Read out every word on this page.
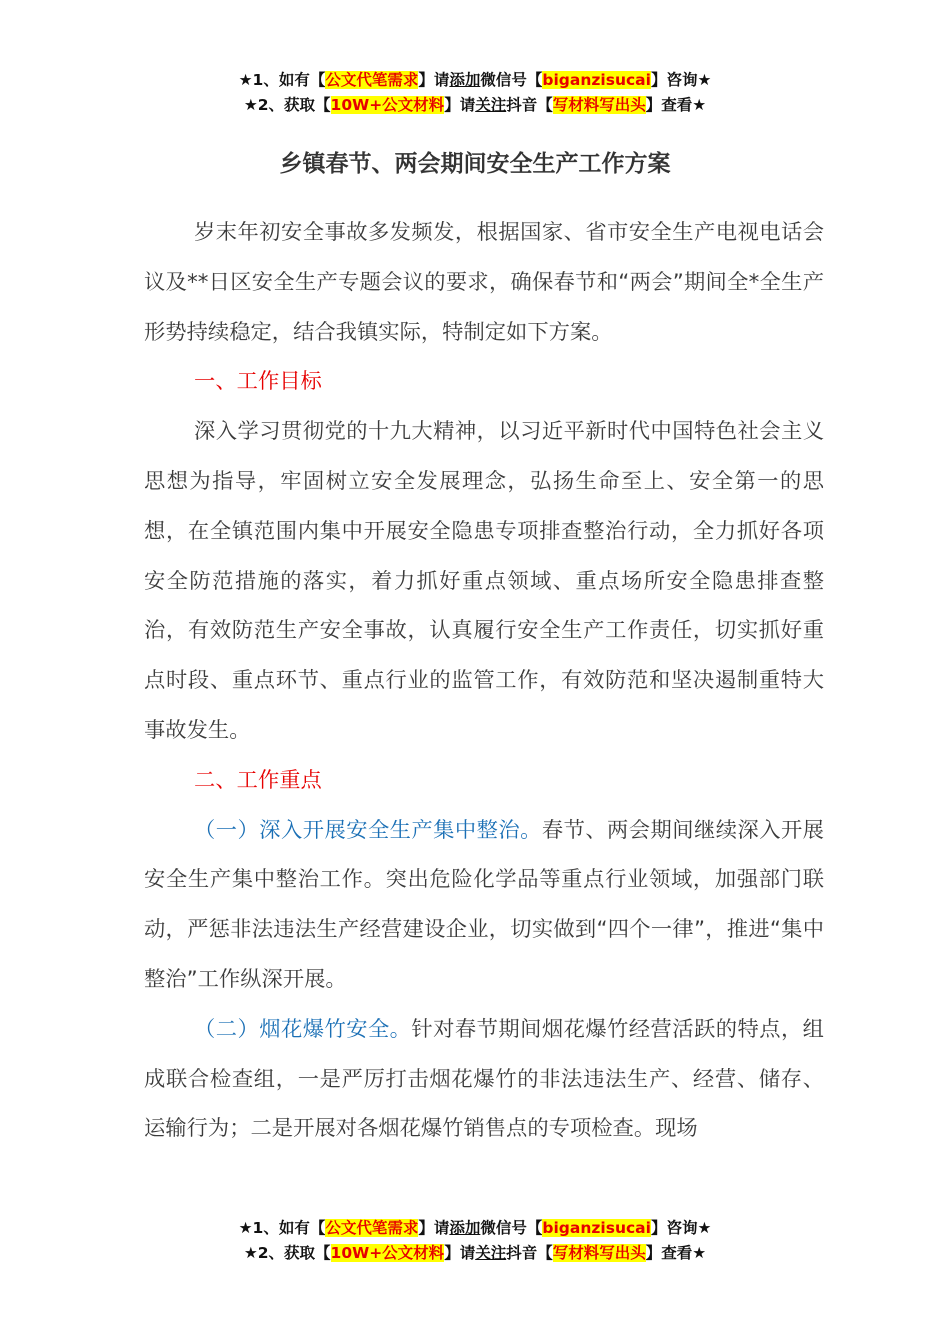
★1、如有【公文代笔需求】请添加微信号【biganzisucai】咨询★
★2、获取【10W+公文材料】请关注抖音【写材料写出头】查看★
乡镇春节、两会期间安全生产工作方案

岁末年初安全事故多发频发，根据国家、省市安全生产电视电话会议及**日区安全生产专题会议的要求，确保春节和“两会”期间全*全生产形势持续稳定，结合我镇实际，特制定如下方案。

一、工作目标

深入学习贯彻党的十九大精神，以习近平新时代中国特色社会主义思想为指导，牢固树立安全发展理念，弘扬生命至上、安全第一的思想，在全镇范围内集中开展安全隐患专项排查整治行动，全力抓好各项安全防范措施的落实，着力抓好重点领域、重点场所安全隐患排查整治，有效防范生产安全事故，认真履行安全生产工作责任，切实抓好重点时段、重点环节、重点行业的监管工作，有效防范和坚决遏制重特大事故发生。

二、工作重点

（一）深入开展安全生产集中整治。春节、两会期间继续深入开展安全生产集中整治工作。突出危险化学品等重点行业领域，加强部门联动，严惩非法违法生产经营建设企业，切实做到“四个一律”，推进“集中整治”工作纵深开展。

（二）烟花爆竹安全。针对春节期间烟花爆竹经营活跃的特点，组成联合检查组，一是严厉打击烟花爆竹的非法违法生产、经营、储存、运输行为；二是开展对各烟花爆竹销售点的专项检查。现场

★1、如有【公文代笔需求】请添加微信号【biganzisucai】咨询★
★2、获取【10W+公文材料】请关注抖音【写材料写出头】查看★
